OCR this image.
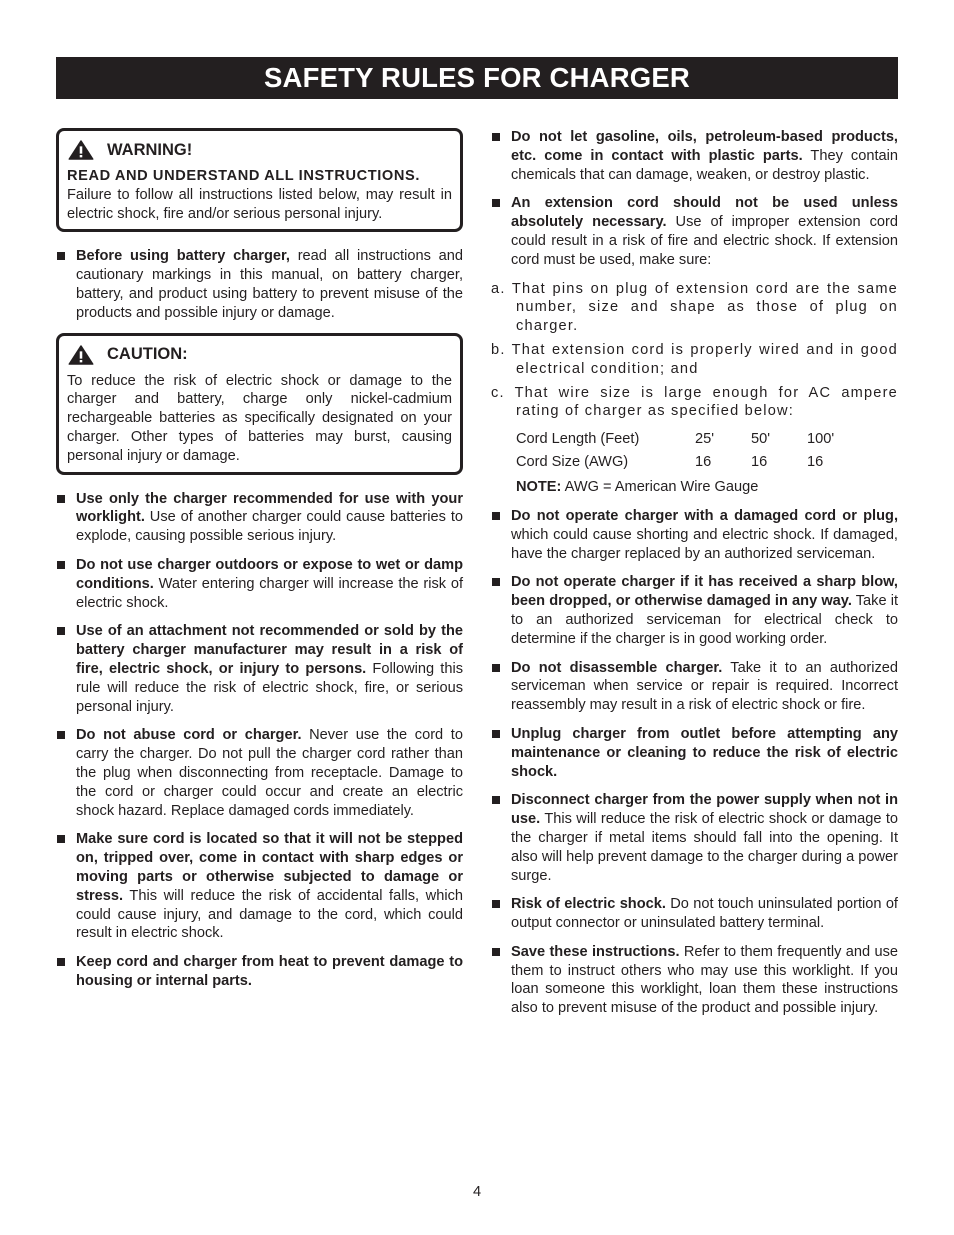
SAFETY RULES FOR CHARGER
WARNING!
READ AND UNDERSTAND ALL INSTRUCTIONS.
Failure to follow all instructions listed below, may result in electric shock, fire and/or serious personal injury.
Before using battery charger, read all instructions and cautionary markings in this manual, on battery charger, battery, and product using battery to prevent misuse of the products and possible injury or damage.
CAUTION:
To reduce the risk of electric shock or damage to the charger and battery, charge only nickel-cadmium rechargeable batteries as specifically designated on your charger. Other types of batteries may burst, causing personal injury or damage.
Use only the charger recommended for use with your worklight. Use of another charger could cause batteries to explode, causing possible serious injury.
Do not use charger outdoors or expose to wet or damp conditions. Water entering charger will increase the risk of electric shock.
Use of an attachment not recommended or sold by the battery charger manufacturer may result in a risk of fire, electric shock, or injury to persons. Following this rule will reduce the risk of electric shock, fire, or serious personal injury.
Do not abuse cord or charger. Never use the cord to carry the charger. Do not pull the charger cord rather than the plug when disconnecting from receptacle. Damage to the cord or charger could occur and create an electric shock hazard. Replace damaged cords immediately.
Make sure cord is located so that it will not be stepped on, tripped over, come in contact with sharp edges or moving parts or otherwise subjected to damage or stress. This will reduce the risk of accidental falls, which could cause injury, and damage to the cord, which could result in electric shock.
Keep cord and charger from heat to prevent damage to housing or internal parts.
Do not let gasoline, oils, petroleum-based products, etc. come in contact with plastic parts. They contain chemicals that can damage, weaken, or destroy plastic.
An extension cord should not be used unless absolutely necessary. Use of improper extension cord could result in a risk of fire and electric shock. If extension cord must be used, make sure:
a. That pins on plug of extension cord are the same number, size and shape as those of plug on charger.
b. That extension cord is properly wired and in good electrical condition; and
c. That wire size is large enough for AC ampere rating of charger as specified below:
Cord Length (Feet)	25'	50'	100'
Cord Size (AWG)	16	16	16
NOTE: AWG = American Wire Gauge
Do not operate charger with a damaged cord or plug, which could cause shorting and electric shock. If damaged, have the charger replaced by an authorized serviceman.
Do not operate charger if it has received a sharp blow, been dropped, or otherwise damaged in any way. Take it to an authorized serviceman for electrical check to determine if the charger is in good working order.
Do not disassemble charger. Take it to an authorized serviceman when service or repair is required. Incorrect reassembly may result in a risk of electric shock or fire.
Unplug charger from outlet before attempting any maintenance or cleaning to reduce the risk of electric shock.
Disconnect charger from the power supply when not in use. This will reduce the risk of electric shock or damage to the charger if metal items should fall into the opening. It also will help prevent damage to the charger during a power surge.
Risk of electric shock. Do not touch uninsulated portion of output connector or uninsulated battery terminal.
Save these instructions. Refer to them frequently and use them to instruct others who may use this worklight. If you loan someone this worklight, loan them these instructions also to prevent misuse of the product and possible injury.
4
